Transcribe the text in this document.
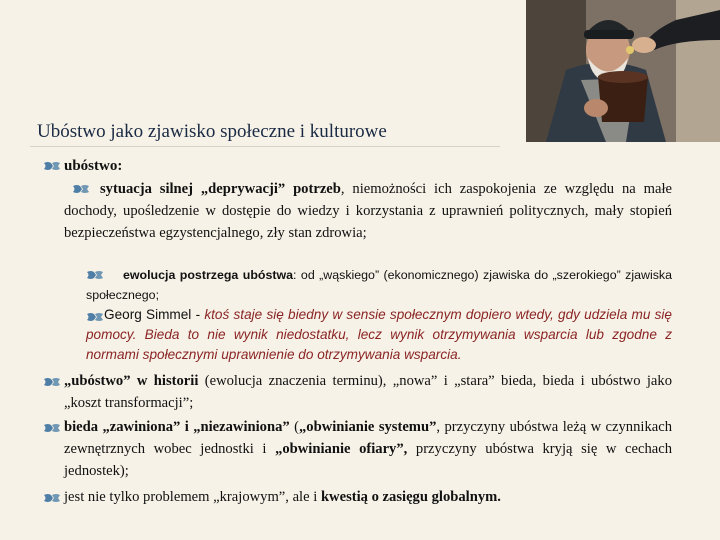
Ubóstwo jako zjawisko społeczne i kulturowe

ubóstwo:

sytuacja silnej „deprywacji” potrzeb, niemożności ich zaspokojenia ze względu na małe dochody, upośledzenie w dostępie do wiedzy i korzystania z uprawnień politycznych, mały stopień bezpieczeństwa egzystencjalnego, zły stan zdrowia;

ewolucja postrzega ubóstwa: od „wąskiego” (ekonomicznego) zjawiska do „szerokiego” zjawiska społecznego;

Georg Simmel - ktoś staje się biedny w sensie społecznym dopiero wtedy, gdy udziela mu się pomocy. Bieda to nie wynik niedostatku, lecz wynik otrzymywania wsparcia lub zgodne z normami społecznymi uprawnienie do otrzymywania wsparcia.

„ubóstwo” w historii (ewolucja znaczenia terminu), „nowa” i „stara” bieda, bieda i ubóstwo jako „koszt transformacji”;

bieda „zawiniona” i „niezawiniona” („obwinianie systemu”, przyczyny ubóstwa leżą w czynnikach zewnętrznych wobec jednostki i „obwinianie ofiary”, przyczyny ubóstwa kryją się w cechach jednostek);

jest nie tylko problemem „krajowym”, ale i kwestią o zasięgu globalnym.
